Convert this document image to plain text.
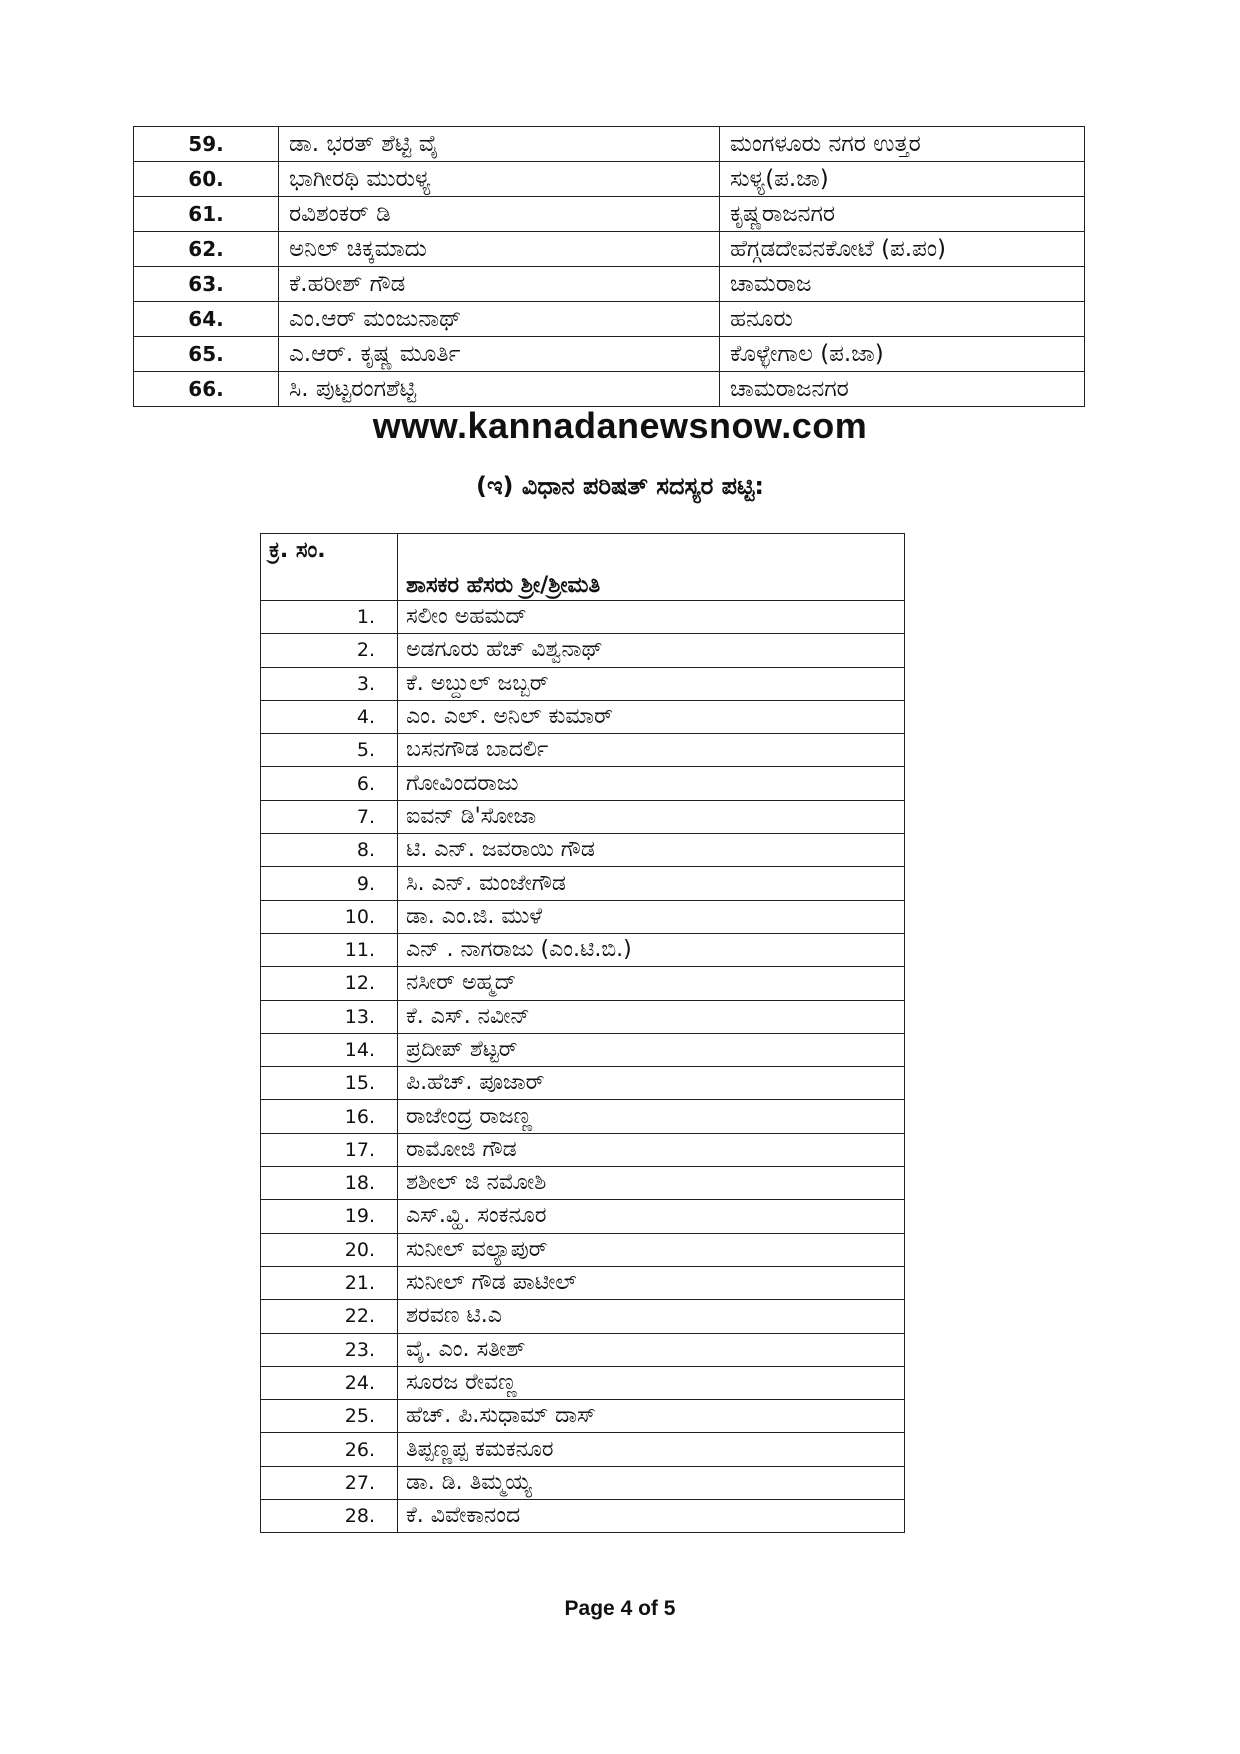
59.	ಡಾ. ಭರತ್ ಶೆಟ್ಟಿ ವೈ	ಮಂಗಳೂರು ನಗರ ಉತ್ತರ
60.	ಭಾಗೀರಥಿ ಮುರುಳ್ಯ	ಸುಳ್ಯ(ಪ.ಜಾ)
61.	ರವಿಶಂಕರ್ ಡಿ	ಕೃಷ್ಣರಾಜನಗರ
62.	ಅನಿಲ್ ಚಿಕ್ಕಮಾದು	ಹೆಗ್ಗಡದೇವನಕೋಟೆ (ಪ.ಪಂ)
63.	ಕೆ.ಹರೀಶ್ ಗೌಡ	ಚಾಮರಾಜ
64.	ಎಂ.ಆರ್ ಮಂಜುನಾಥ್	ಹನೂರು
65.	ಎ.ಆರ್. ಕೃಷ್ಣ ಮೂರ್ತಿ	ಕೊಳ್ಳೇಗಾಲ (ಪ.ಜಾ)
66.	ಸಿ. ಪುಟ್ಟರಂಗಶೆಟ್ಟಿ	ಚಾಮರಾಜನಗರ
www.kannadanewsnow.com
(ಇ) ವಿಧಾನ ಪರಿಷತ್ ಸದಸ್ಯರ ಪಟ್ಟಿ:
ಕ್ರ. ಸಂ.	ಶಾಸಕರ ಹೆಸರು ಶ್ರೀ/ಶ್ರೀಮತಿ
1.	ಸಲೀಂ ಅಹಮದ್
2.	ಅಡಗೂರು ಹೆಚ್ ವಿಶ್ವನಾಥ್
3.	ಕೆ. ಅಬ್ದುಲ್ ಜಬ್ಬರ್
4.	ಎಂ. ಎಲ್. ಅನಿಲ್ ಕುಮಾರ್
5.	ಬಸನಗೌಡ ಬಾದರ್ಲಿ
6.	ಗೋವಿಂದರಾಜು
7.	ಐವನ್ ಡಿ'ಸೋಜಾ
8.	ಟಿ. ಎನ್. ಜವರಾಯಿ ಗೌಡ
9.	ಸಿ. ಎನ್. ಮಂಜೇಗೌಡ
10.	ಡಾ. ಎಂ.ಜಿ. ಮುಳೆ
11.	ಎನ್ . ನಾಗರಾಜು (ಎಂ.ಟಿ.ಬಿ.)
12.	ನಸೀರ್ ಅಹ್ಮದ್
13.	ಕೆ. ಎಸ್. ನವೀನ್
14.	ಪ್ರದೀಪ್ ಶೆಟ್ಟರ್
15.	ಪಿ.ಹೆಚ್. ಪೂಜಾರ್
16.	ರಾಜೇಂದ್ರ ರಾಜಣ್ಣ
17.	ರಾಮೋಜಿ ಗೌಡ
18.	ಶಶೀಲ್ ಜಿ ನಮೋಶಿ
19.	ಎಸ್.ವ್ಹಿ. ಸಂಕನೂರ
20.	ಸುನೀಲ್ ವಲ್ಯಾಪುರ್
21.	ಸುನೀಲ್ ಗೌಡ ಪಾಟೀಲ್
22.	ಶರವಣ ಟಿ.ಎ
23.	ವೈ. ಎಂ. ಸತೀಶ್
24.	ಸೂರಜ ರೇವಣ್ಣ
25.	ಹೆಚ್. ಪಿ.ಸುಧಾಮ್ ದಾಸ್
26.	ತಿಪ್ಪಣ್ಣಪ್ಪ ಕಮಕನೂರ
27.	ಡಾ. ಡಿ. ತಿಮ್ಮಯ್ಯ
28.	ಕೆ. ವಿವೇಕಾನಂದ
Page 4 of 5
